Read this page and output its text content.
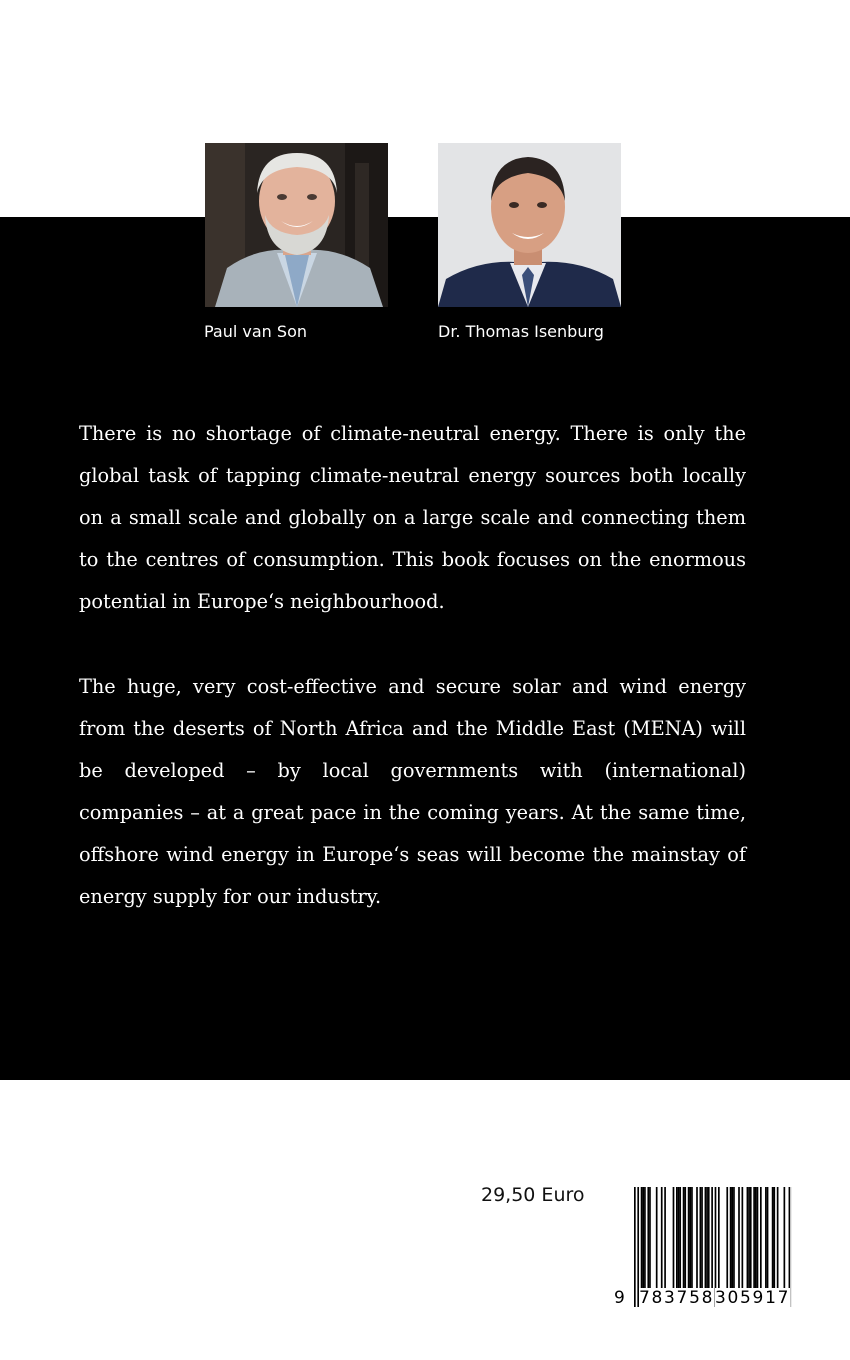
Paul van Son	Dr. Thomas Isenburg

There is no shortage of climate-neutral energy. There is only the global task of tapping climate-neutral energy sources both locally on a small scale and globally on a large scale and connecting them to the centres of consumption. This book focuses on the enormous potential in Europe‘s neighbourhood.

The huge, very cost-effective and secure solar and wind energy from the deserts of North Africa and the Middle East (MENA) will be developed – by local governments with (international) companies – at a great pace in the coming years. At the same time, offshore wind energy in Europe‘s seas will become the mainstay of energy supply for our industry.

29,50 Euro
9 783758 305917
